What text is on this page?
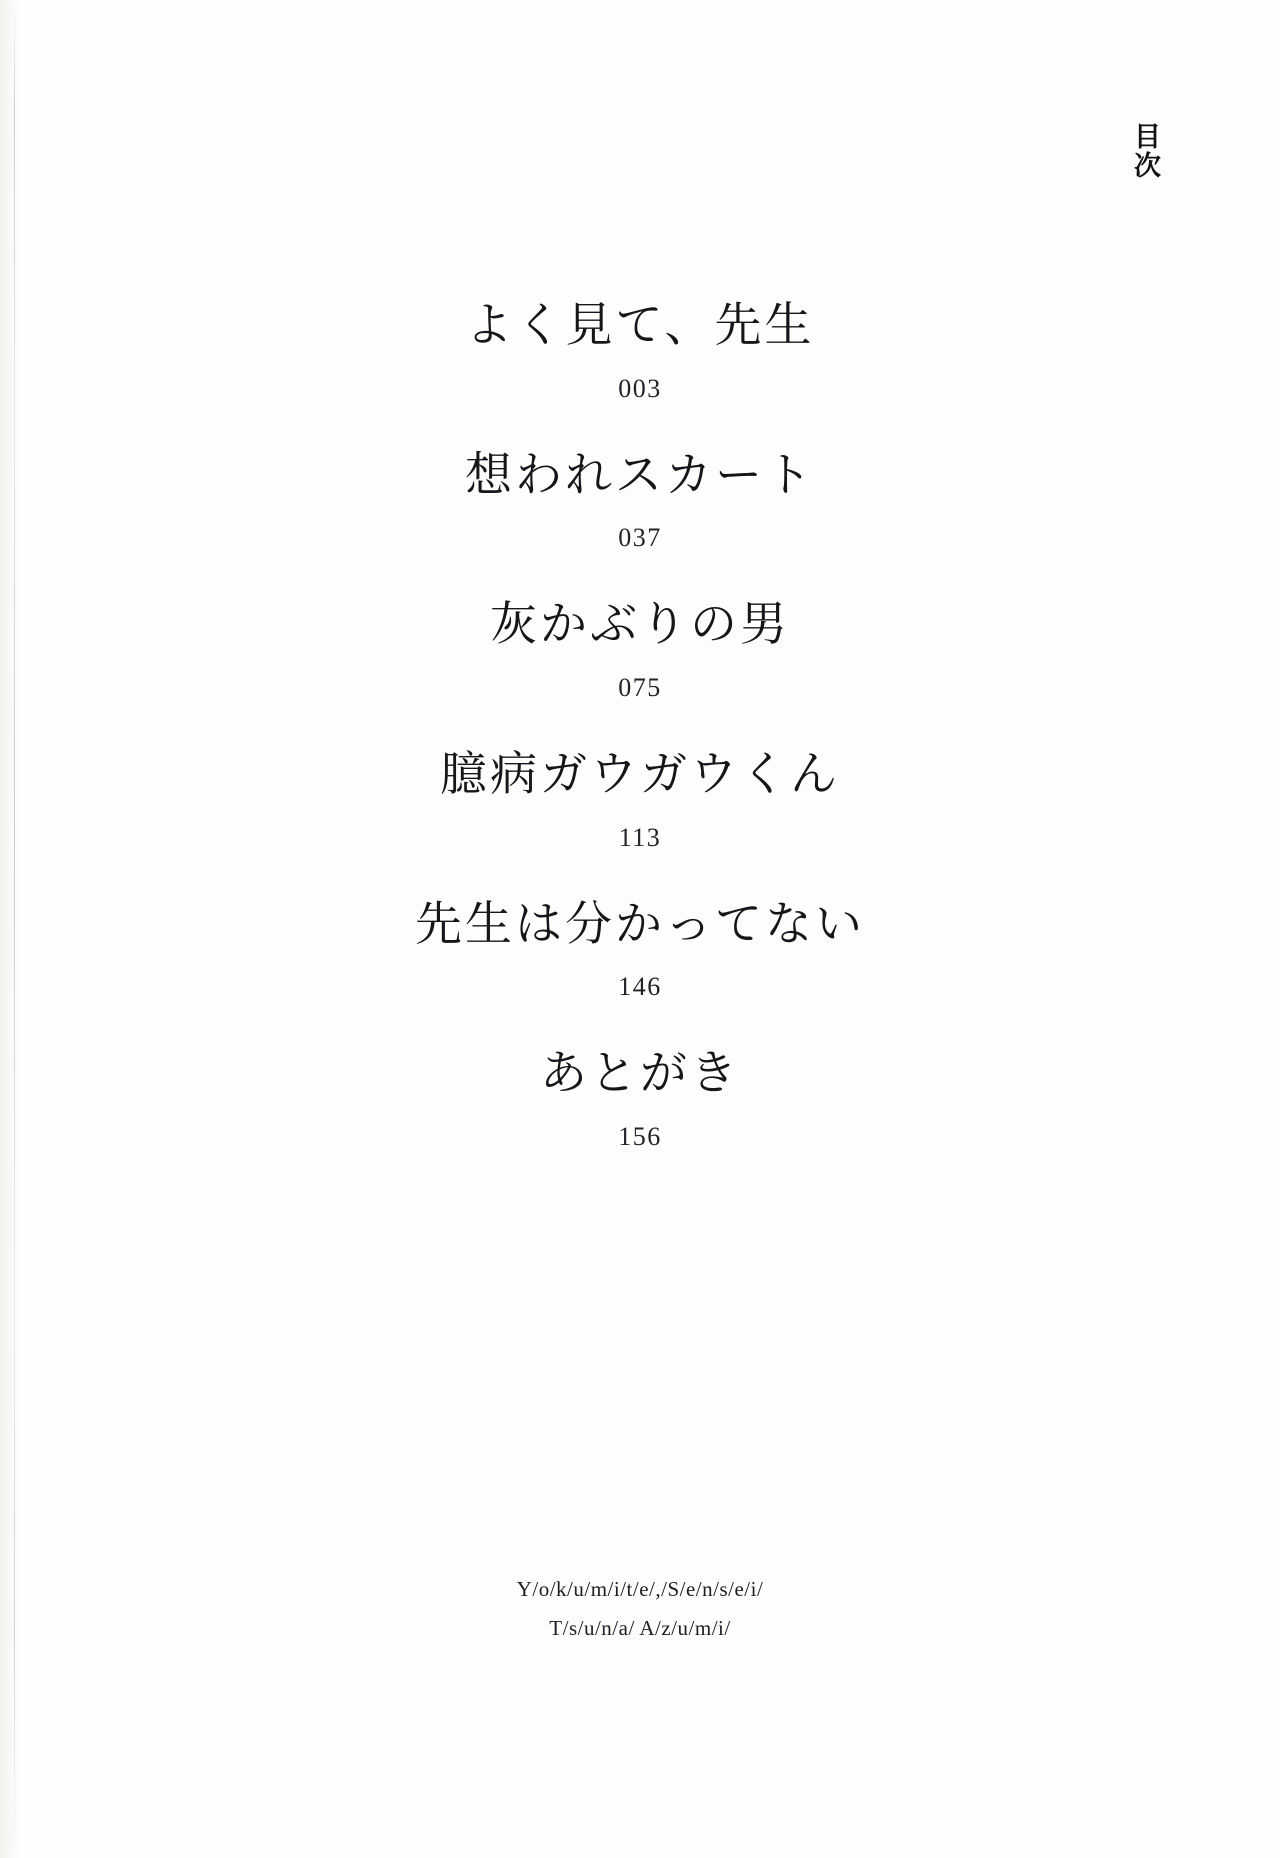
目次
よく見て、先生
003
想われスカート
037
灰かぶりの男
075
臆病ガウガウくん
113
先生は分かってない
146
あとがき
156
Y/o/k/u/m/i/t/e/,/S/e/n/s/e/i/
T/s/u/n/a/ A/z/u/m/i/
